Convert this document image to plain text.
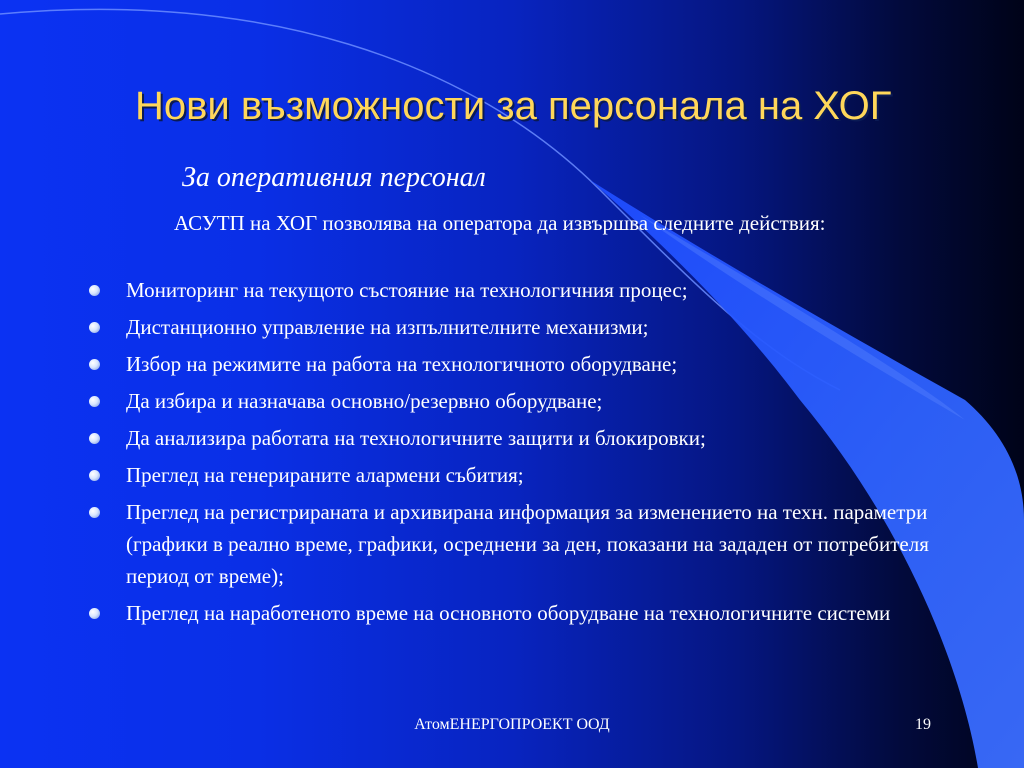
Нови възможности за персонала на ХОГ
За оперативния персонал

АСУТП на ХОГ позволява на оператора да извършва следните действия:

Мониторинг на текущото състояние на технологичния процес;
Дистанционно управление на изпълнителните механизми;
Избор на режимите на работа на технологичното оборудване;
Да избира и назначава основно/резервно оборудване;
Да анализира работата на технологичните защити и блокировки;
Преглед на генерираните алармени събития;
Преглед на регистрираната и архивирана информация за изменението на техн. параметри (графики в реално време, графики, осреднени за ден, показани на зададен от потребителя период от време);
Преглед на наработеното време на основното оборудване на технологичните системи
АтомЕНЕРГОПРОЕКТ ООД	19
